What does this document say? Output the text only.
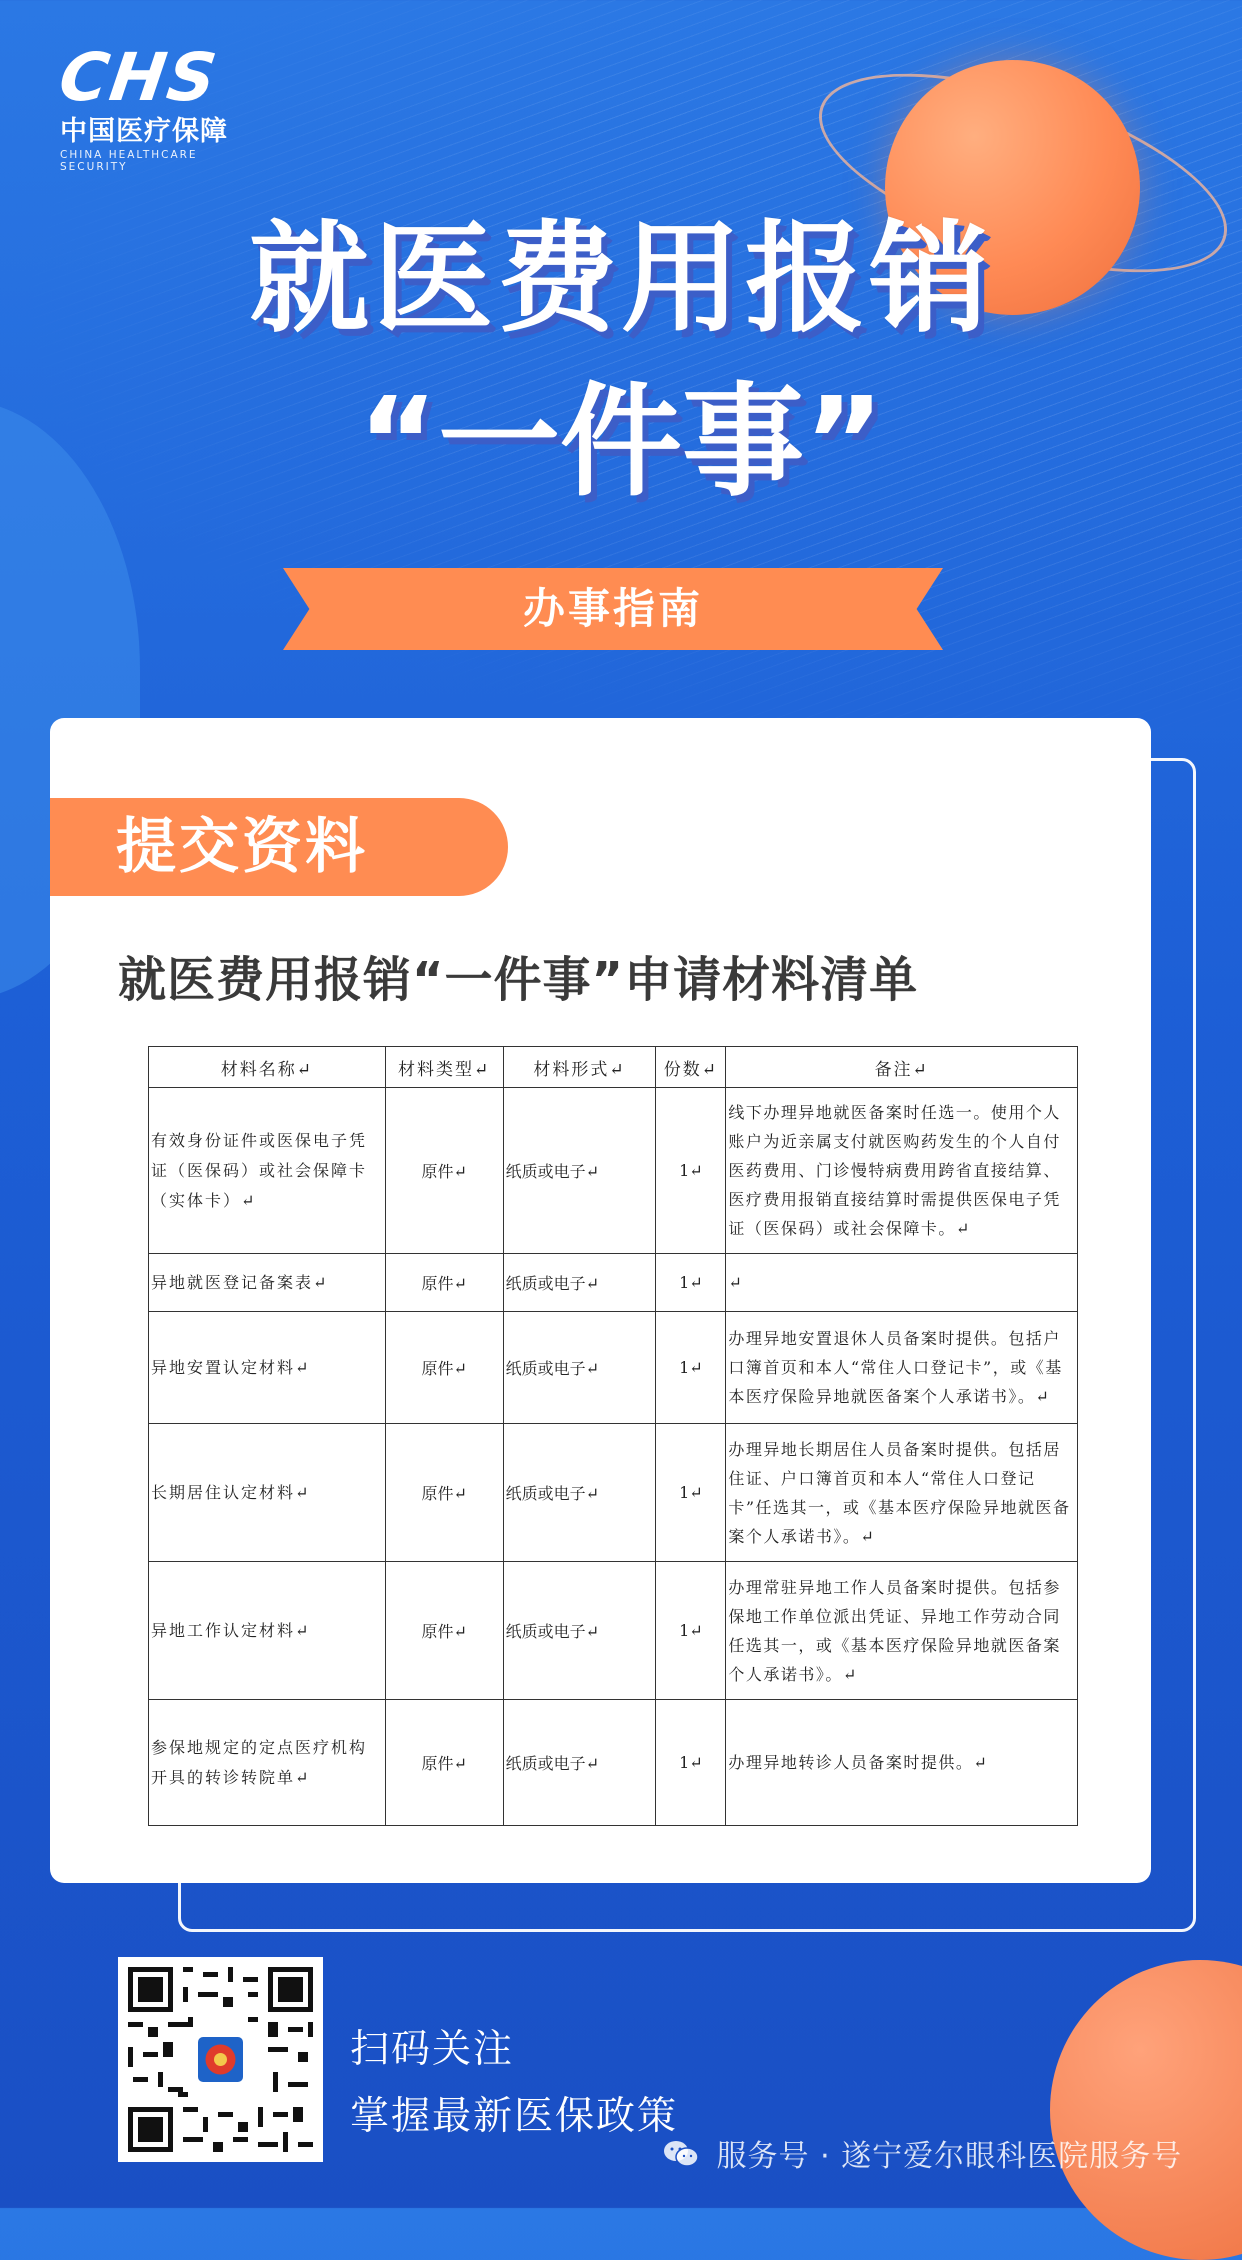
CHS
中国医疗保障
CHINA HEALTHCARE SECURITY
就医费用报销
“一件事”
办事指南
提交资料
就医费用报销“一件事”申请材料清单
材料名称↵	材料类型↵	材料形式↵	份数↵	备注↵
有效身份证件或医保电子凭证（医保码）或社会保障卡（实体卡）↵	原件↵	纸质或电子↵	1↵	线下办理异地就医备案时任选一。使用个人账户为近亲属支付就医购药发生的个人自付医药费用、门诊慢特病费用跨省直接结算、医疗费用报销直接结算时需提供医保电子凭证（医保码）或社会保障卡。↵
异地就医登记备案表↵	原件↵	纸质或电子↵	1↵	↵
异地安置认定材料↵	原件↵	纸质或电子↵	1↵	办理异地安置退休人员备案时提供。包括户口簿首页和本人“常住人口登记卡”，或《基本医疗保险异地就医备案个人承诺书》。↵
长期居住认定材料↵	原件↵	纸质或电子↵	1↵	办理异地长期居住人员备案时提供。包括居住证、户口簿首页和本人“常住人口登记卡”任选其一，或《基本医疗保险异地就医备案个人承诺书》。↵
异地工作认定材料↵	原件↵	纸质或电子↵	1↵	办理常驻异地工作人员备案时提供。包括参保地工作单位派出凭证、异地工作劳动合同任选其一，或《基本医疗保险异地就医备案个人承诺书》。↵
参保地规定的定点医疗机构开具的转诊转院单↵	原件↵	纸质或电子↵	1↵	办理异地转诊人员备案时提供。↵
扫码关注
掌握最新医保政策
服务号 · 遂宁爱尔眼科医院服务号
